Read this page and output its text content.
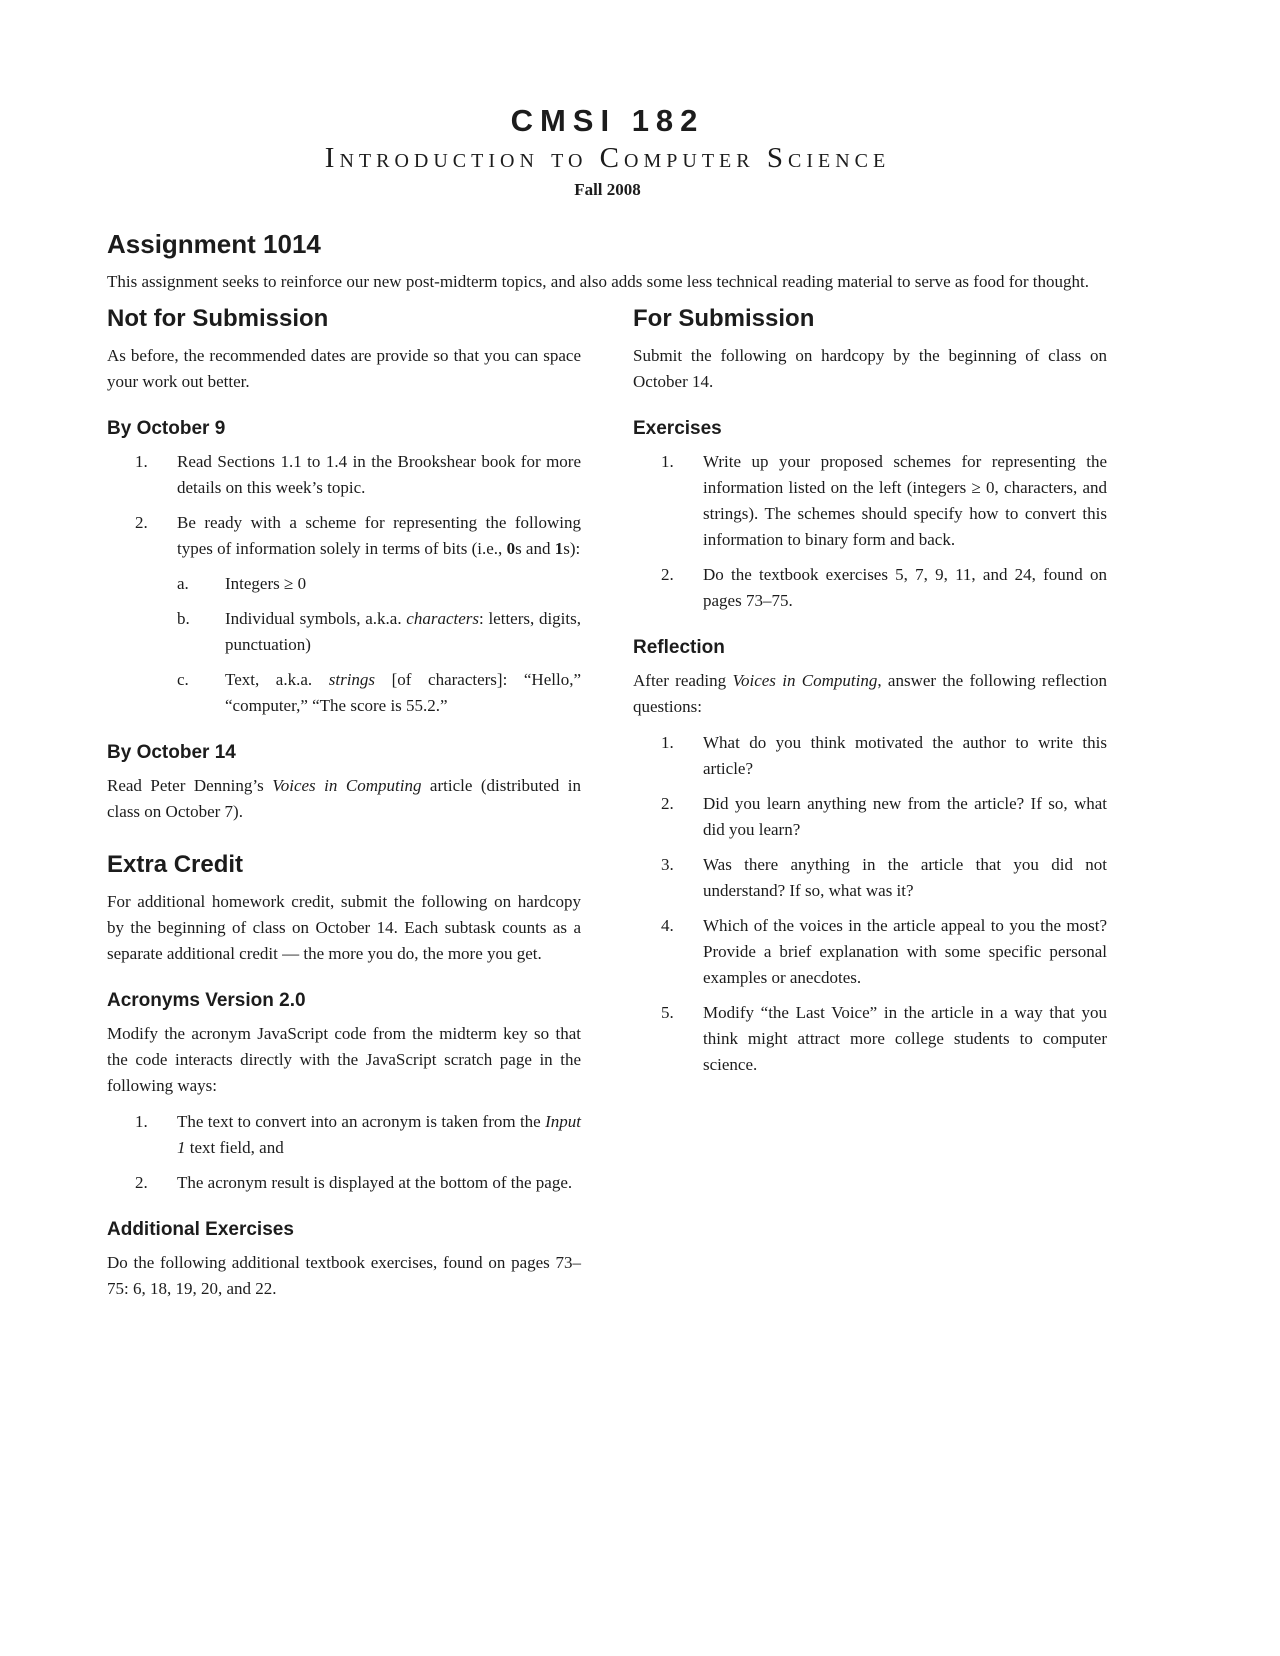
CMSI 182
Introduction to Computer Science
Fall 2008
Assignment 1014

This assignment seeks to reinforce our new post-midterm topics, and also adds some less technical reading material to serve as food for thought.

Not for Submission

As before, the recommended dates are provide so that you can space your work out better.

By October 9
1.	Read Sections 1.1 to 1.4 in the Brookshear book for more details on this week’s topic.
2.	Be ready with a scheme for representing the following types of information solely in terms of bits (i.e., 0s and 1s):
a.	Integers ≥ 0
b.	Individual symbols, a.k.a. characters: letters, digits, punctuation)
c.	Text, a.k.a. strings [of characters]: “Hello,” “computer,” “The score is 55.2.”
By October 14

Read Peter Denning’s Voices in Computing article (distributed in class on October 7).

Extra Credit

For additional homework credit, submit the following on hardcopy by the beginning of class on October 14. Each subtask counts as a separate additional credit — the more you do, the more you get.

Acronyms Version 2.0

Modify the acronym JavaScript code from the midterm key so that the code interacts directly with the JavaScript scratch page in the following ways:

1.	The text to convert into an acronym is taken from the Input 1 text field, and
2.	The acronym result is displayed at the bottom of the page.
Additional Exercises

Do the following additional textbook exercises, found on pages 73–75: 6, 18, 19, 20, and 22.

For Submission

Submit the following on hardcopy by the beginning of class on October 14.

Exercises
1.	Write up your proposed schemes for representing the information listed on the left (integers ≥ 0, characters, and strings). The schemes should specify how to convert this information to binary form and back.
2.	Do the textbook exercises 5, 7, 9, 11, and 24, found on pages 73–75.
Reflection

After reading Voices in Computing, answer the following reflection questions:

1.	What do you think motivated the author to write this article?
2.	Did you learn anything new from the article? If so, what did you learn?
3.	Was there anything in the article that you did not understand? If so, what was it?
4.	Which of the voices in the article appeal to you the most? Provide a brief explanation with some specific personal examples or anecdotes.
5.	Modify “the Last Voice” in the article in a way that you think might attract more college students to computer science.
